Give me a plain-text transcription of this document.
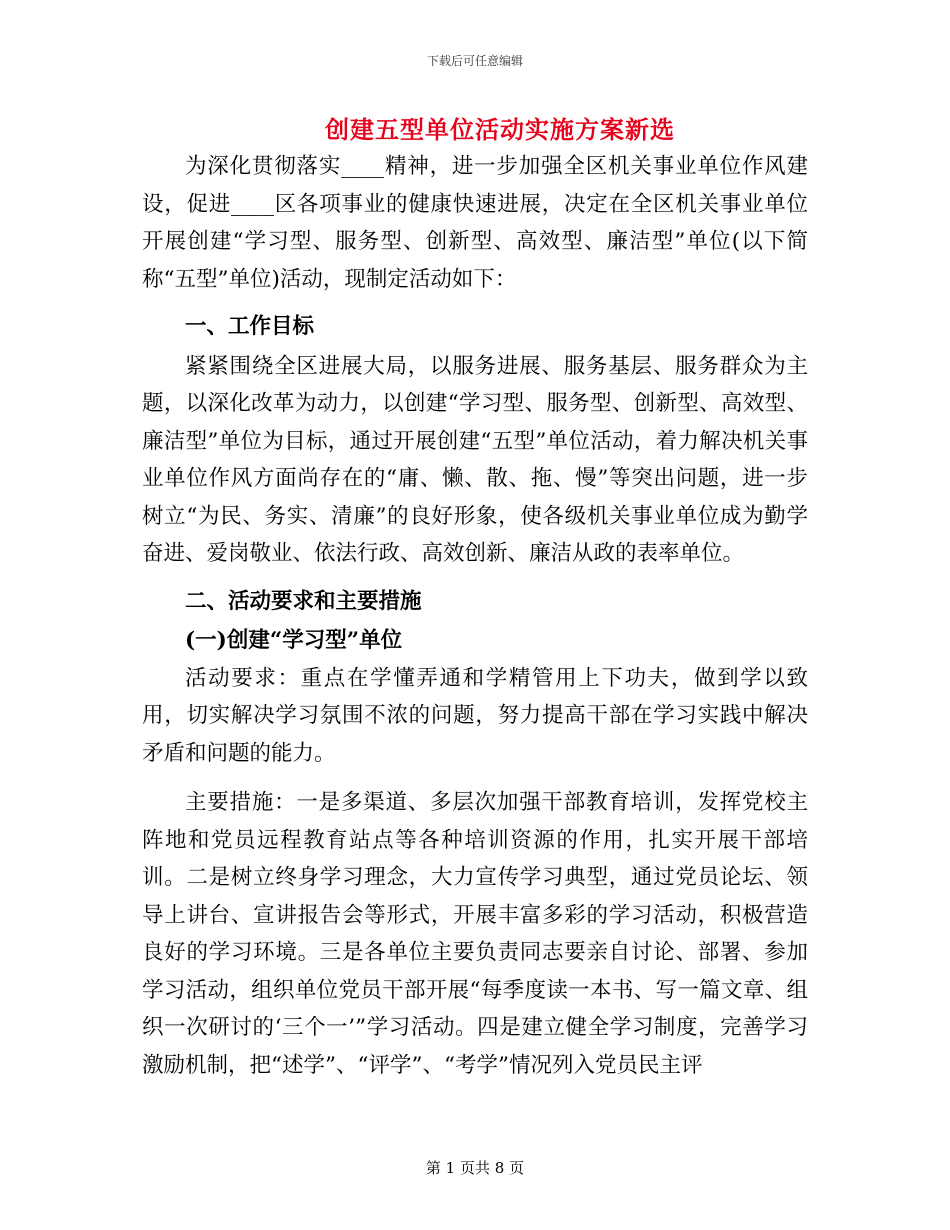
下载后可任意编辑
创建五型单位活动实施方案新选

为深化贯彻落实____精神，进一步加强全区机关事业单位作风建设，促进____区各项事业的健康快速进展，决定在全区机关事业单位开展创建“学习型、服务型、创新型、高效型、廉洁型”单位(以下简称“五型”单位)活动，现制定活动如下：

一、工作目标

紧紧围绕全区进展大局，以服务进展、服务基层、服务群众为主题，以深化改革为动力，以创建“学习型、服务型、创新型、高效型、廉洁型”单位为目标，通过开展创建“五型”单位活动，着力解决机关事业单位作风方面尚存在的“庸、懒、散、拖、慢”等突出问题，进一步树立“为民、务实、清廉”的良好形象，使各级机关事业单位成为勤学奋进、爱岗敬业、依法行政、高效创新、廉洁从政的表率单位。

二、活动要求和主要措施

(一)创建“学习型”单位

活动要求：重点在学懂弄通和学精管用上下功夫，做到学以致用，切实解决学习氛围不浓的问题，努力提高干部在学习实践中解决矛盾和问题的能力。

主要措施：一是多渠道、多层次加强干部教育培训，发挥党校主阵地和党员远程教育站点等各种培训资源的作用，扎实开展干部培训。二是树立终身学习理念，大力宣传学习典型，通过党员论坛、领导上讲台、宣讲报告会等形式，开展丰富多彩的学习活动，积极营造良好的学习环境。三是各单位主要负责同志要亲自讨论、部署、参加学习活动，组织单位党员干部开展“每季度读一本书、写一篇文章、组织一次研讨的‘三个一’”学习活动。四是建立健全学习制度，完善学习激励机制，把“述学”、“评学”、“考学”情况列入党员民主评

第 1 页共 8 页
